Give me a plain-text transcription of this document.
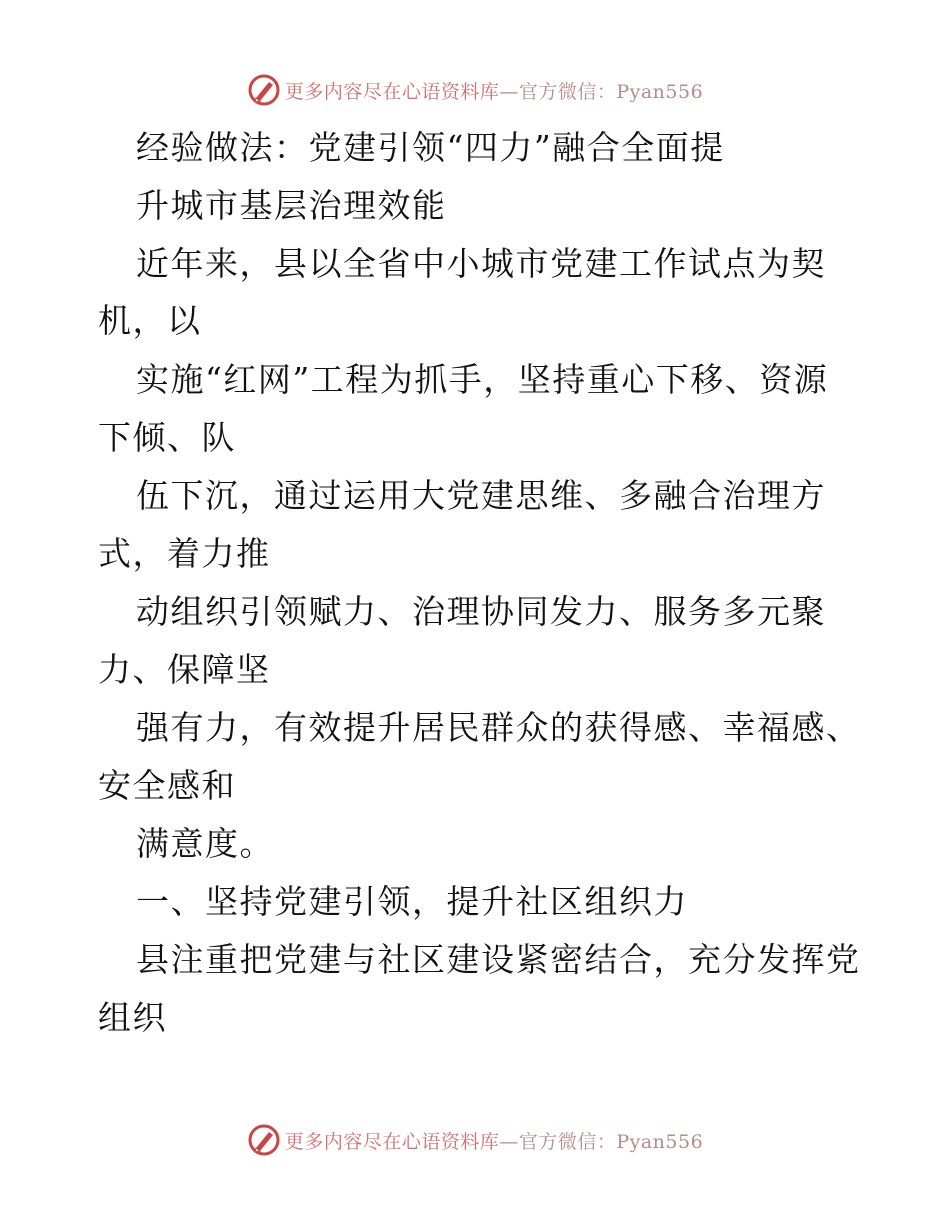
更多内容尽在心语资料库—官方微信：Pyan556
经验做法：党建引领“四力”融合全面提
升城市基层治理效能
近年来，县以全省中小城市党建工作试点为契
机，以
实施“红网”工程为抓手，坚持重心下移、资源
下倾、队
伍下沉，通过运用大党建思维、多融合治理方
式，着力推
动组织引领赋力、治理协同发力、服务多元聚
力、保障坚
强有力，有效提升居民群众的获得感、幸福感、
安全感和
满意度。
一、坚持党建引领，提升社区组织力
县注重把党建与社区建设紧密结合，充分发挥党
组织
更多内容尽在心语资料库—官方微信：Pyan556
